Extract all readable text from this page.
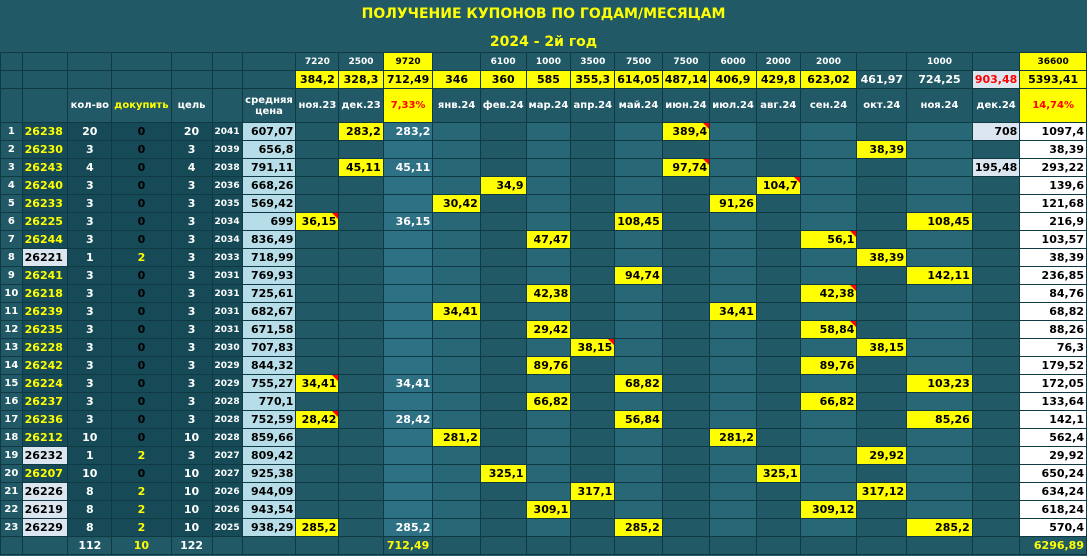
ПОЛУЧЕНИЕ КУПОНОВ ПО ГОДАМ/МЕСЯЦАМ
2024 - 2й год
							7220	2500	9720		6100	1000	3500	7500	7500	6000	2000	2000		1000		36600
							384,2	328,3	712,49	346	360	585	355,3	614,05	487,14	406,9	429,8	623,02	461,97	724,25	903,48	5393,41
		кол-во	докупить	цель		средняя цена	ноя.23	дек.23	7,33%	янв.24	фев.24	мар.24	апр.24	май.24	июн.24	июл.24	авг.24	сен.24	окт.24	ноя.24	дек.24	14,74%
1	26238	20	0	20	2041	607,07		283,2	283,2						389,4						708	1097,4
2	26230	3	0	3	2039	656,8													38,39			38,39
3	26243	4	0	4	2038	791,11		45,11	45,11						97,74						195,48	293,22
4	26240	3	0	3	2036	668,26					34,9						104,7					139,6
5	26233	3	0	3	2035	569,42				30,42						91,26						121,68
6	26225	3	0	3	2034	699	36,15		36,15					108,45						108,45		216,9
7	26244	3	0	3	2034	836,49						47,47						56,1				103,57
8	26221	1	2	3	2033	718,99													38,39			38,39
9	26241	3	0	3	2031	769,93								94,74						142,11		236,85
10	26218	3	0	3	2031	725,61						42,38						42,38				84,76
11	26239	3	0	3	2031	682,67				34,41						34,41						68,82
12	26235	3	0	3	2031	671,58						29,42						58,84				88,26
13	26228	3	0	3	2030	707,83							38,15						38,15			76,3
14	26242	3	0	3	2029	844,32						89,76						89,76				179,52
15	26224	3	0	3	2029	755,27	34,41		34,41					68,82						103,23		172,05
16	26237	3	0	3	2028	770,1						66,82						66,82				133,64
17	26236	3	0	3	2028	752,59	28,42		28,42					56,84						85,26		142,1
18	26212	10	0	10	2028	859,66				281,2						281,2						562,4
19	26232	1	2	3	2027	809,42													29,92			29,92
20	26207	10	0	10	2027	925,38					325,1						325,1					650,24
21	26226	8	2	10	2026	944,09							317,1						317,12			634,24
22	26219	8	2	10	2026	943,54						309,1						309,12				618,24
23	26229	8	2	10	2025	938,29	285,2		285,2					285,2						285,2		570,4
		112	10	122					712,49													6296,89
